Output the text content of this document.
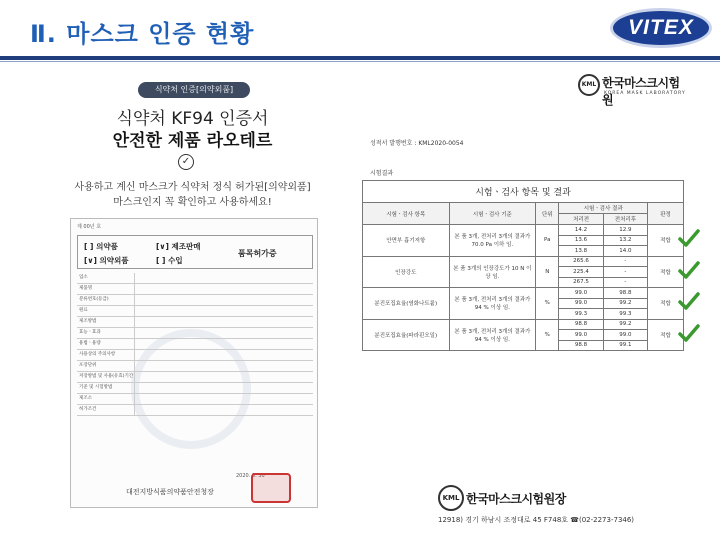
Ⅱ. 마스크 인증 현황	VITEX
식약처 인증[의약외품]
식약처 KF94 인증서
안전한 제품 라오테르
✓
사용하고 계신 마스크가 식약처 정식 허가된[의약외품]
마스크인지 꼭 확인하고 사용하세요!
제 00년 호
[ ] 의약품	[∨] 제조판매
[∨] 의약외품	[ ] 수입
품목허가증
업소
제품명
분류번호(등급)
원료
제조방법
효능ㆍ효과
용법ㆍ용량
사용상의 주의사항
포장단위
저장방법 및 사용(유효)기간
기준 및 시험방법
제조소
허가조건
2020. 3. 30
대전지방식품의약품안전청장
KML 한국마스크시험원
KOREA MASK LABORATORY
성적서 발행번호 : KML2020-0054
시험결과
시험ㆍ검사 항목 및 결과					
시험ㆍ검사 항목	시험ㆍ검사 기준	단위	시험ㆍ검사 결과		판정
			처리전	전처리후	
안면부 흡기저항	본 품 3개, 전처리 3개의 결과가 70.0 Pa 이하 임.	Pa	14.2	12.9	적합
			13.6	13.2	
			13.8	14.0	
인장강도	본 품 3개의 인장강도가 10 N 이상 임.	N	265.6	-	적합
			225.4	-	
			267.5	-	
분진포집효율(염화나트륨)	본 품 3개, 전처리 3개의 결과가 94 % 이상 임.	%	99.0	98.8	적합
			99.0	99.2	
			99.3	99.3	
분진포집효율(파라핀오일)	본 품 3개, 전처리 3개의 결과가 94 % 이상 임.	%	98.8	99.2	적합
			99.0	99.0	
			98.8	99.1	
KML 한국마스크시험원장
12918) 경기 하남시 조정대로 45 F748호 ☎(02-2273-7346)
